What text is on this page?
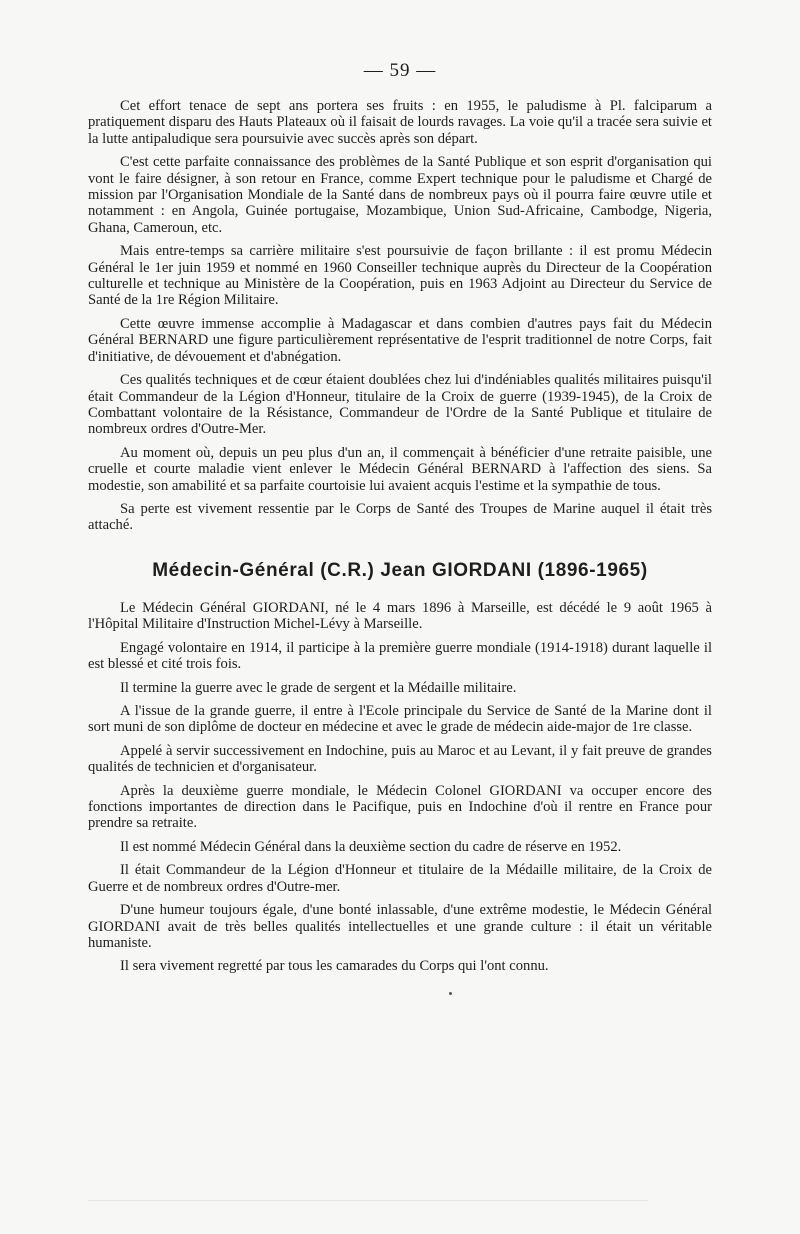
— 59 —

Cet effort tenace de sept ans portera ses fruits : en 1955, le paludisme à Pl. falciparum a pratiquement disparu des Hauts Plateaux où il faisait de lourds ravages. La voie qu'il a tracée sera suivie et la lutte antipaludique sera poursuivie avec succès après son départ.

C'est cette parfaite connaissance des problèmes de la Santé Publique et son esprit d'organisation qui vont le faire désigner, à son retour en France, comme Expert technique pour le paludisme et Chargé de mission par l'Organisation Mondiale de la Santé dans de nombreux pays où il pourra faire œuvre utile et notamment : en Angola, Guinée portugaise, Mozambique, Union Sud-Africaine, Cambodge, Nigeria, Ghana, Cameroun, etc.

Mais entre-temps sa carrière militaire s'est poursuivie de façon brillante : il est promu Médecin Général le 1er juin 1959 et nommé en 1960 Conseiller technique auprès du Directeur de la Coopération culturelle et technique au Ministère de la Coopération, puis en 1963 Adjoint au Directeur du Service de Santé de la 1re Région Militaire.

Cette œuvre immense accomplie à Madagascar et dans combien d'autres pays fait du Médecin Général BERNARD une figure particulièrement représentative de l'esprit traditionnel de notre Corps, fait d'initiative, de dévouement et d'abnégation.

Ces qualités techniques et de cœur étaient doublées chez lui d'indéniables qualités militaires puisqu'il était Commandeur de la Légion d'Honneur, titulaire de la Croix de guerre (1939-1945), de la Croix de Combattant volontaire de la Résistance, Commandeur de l'Ordre de la Santé Publique et titulaire de nombreux ordres d'Outre-Mer.

Au moment où, depuis un peu plus d'un an, il commençait à bénéficier d'une retraite paisible, une cruelle et courte maladie vient enlever le Médecin Général BERNARD à l'affection des siens. Sa modestie, son amabilité et sa parfaite courtoisie lui avaient acquis l'estime et la sympathie de tous.

Sa perte est vivement ressentie par le Corps de Santé des Troupes de Marine auquel il était très attaché.

Médecin-Général (C.R.) Jean GIORDANI (1896-1965)

Le Médecin Général GIORDANI, né le 4 mars 1896 à Marseille, est décédé le 9 août 1965 à l'Hôpital Militaire d'Instruction Michel-Lévy à Marseille.

Engagé volontaire en 1914, il participe à la première guerre mondiale (1914-1918) durant laquelle il est blessé et cité trois fois.

Il termine la guerre avec le grade de sergent et la Médaille militaire.

A l'issue de la grande guerre, il entre à l'Ecole principale du Service de Santé de la Marine dont il sort muni de son diplôme de docteur en médecine et avec le grade de médecin aide-major de 1re classe.

Appelé à servir successivement en Indochine, puis au Maroc et au Levant, il y fait preuve de grandes qualités de technicien et d'organisateur.

Après la deuxième guerre mondiale, le Médecin Colonel GIORDANI va occuper encore des fonctions importantes de direction dans le Pacifique, puis en Indochine d'où il rentre en France pour prendre sa retraite.

Il est nommé Médecin Général dans la deuxième section du cadre de réserve en 1952.

Il était Commandeur de la Légion d'Honneur et titulaire de la Médaille militaire, de la Croix de Guerre et de nombreux ordres d'Outre-mer.

D'une humeur toujours égale, d'une bonté inlassable, d'une extrême modestie, le Médecin Général GIORDANI avait de très belles qualités intellectuelles et une grande culture : il était un véritable humaniste.

Il sera vivement regretté par tous les camarades du Corps qui l'ont connu.
